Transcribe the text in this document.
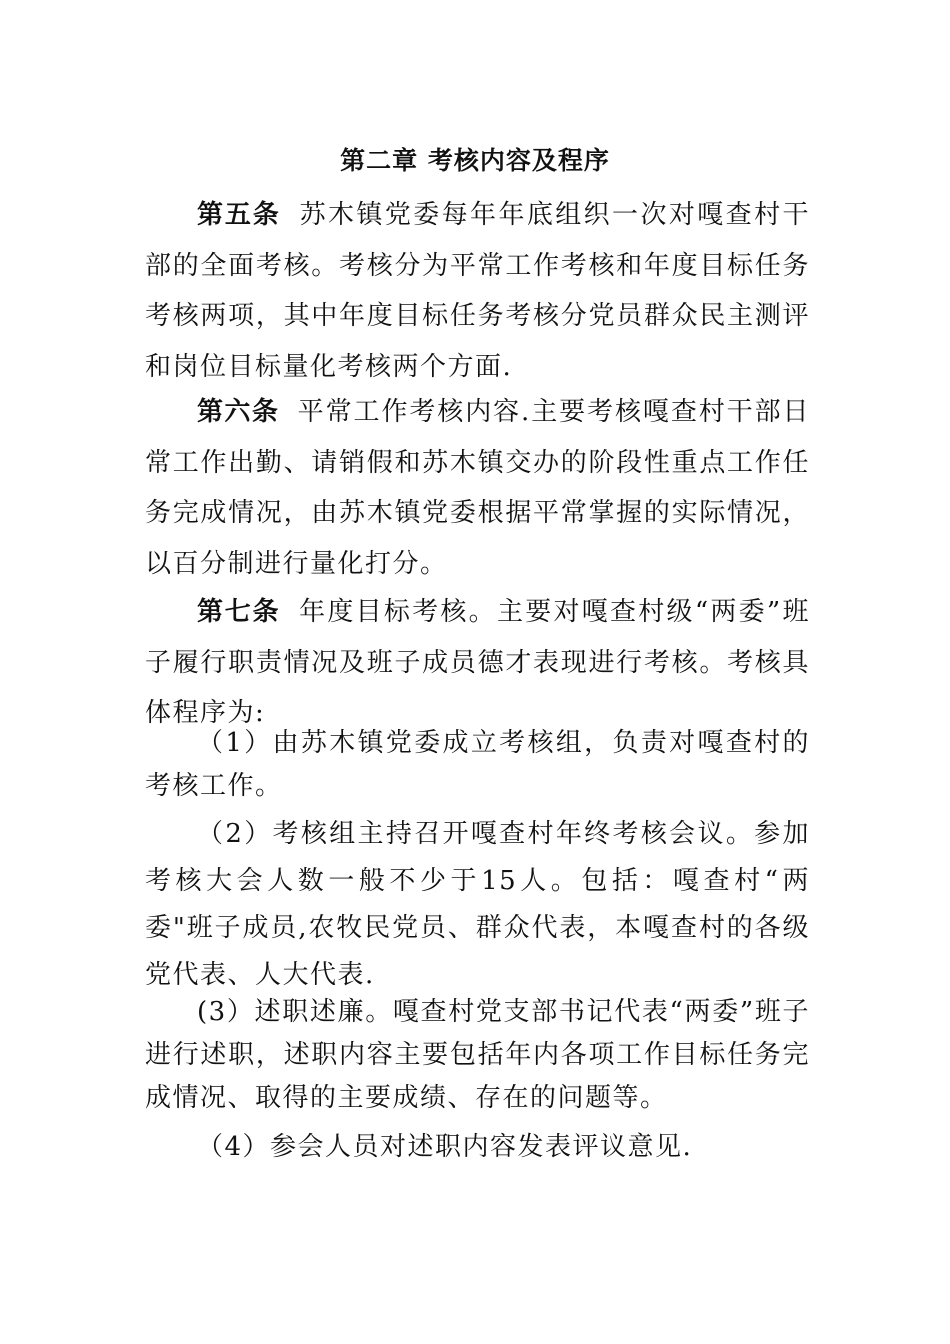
第二章 考核内容及程序

第五条 苏木镇党委每年年底组织一次对嘎查村干部的全面考核。考核分为平常工作考核和年度目标任务考核两项，其中年度目标任务考核分党员群众民主测评和岗位目标量化考核两个方面.

第六条 平常工作考核内容.主要考核嘎查村干部日常工作出勤、请销假和苏木镇交办的阶段性重点工作任务完成情况，由苏木镇党委根据平常掌握的实际情况，以百分制进行量化打分。

第七条 年度目标考核。主要对嘎查村级“两委”班子履行职责情况及班子成员德才表现进行考核。考核具体程序为:

（1）由苏木镇党委成立考核组，负责对嘎查村的考核工作。

（2）考核组主持召开嘎查村年终考核会议。参加考核大会人数一般不少于15人。包括：嘎查村“两委"班子成员,农牧民党员、群众代表，本嘎查村的各级党代表、人大代表.

(3）述职述廉。嘎查村党支部书记代表“两委”班子进行述职，述职内容主要包括年内各项工作目标任务完成情况、取得的主要成绩、存在的问题等。

（4）参会人员对述职内容发表评议意见.
